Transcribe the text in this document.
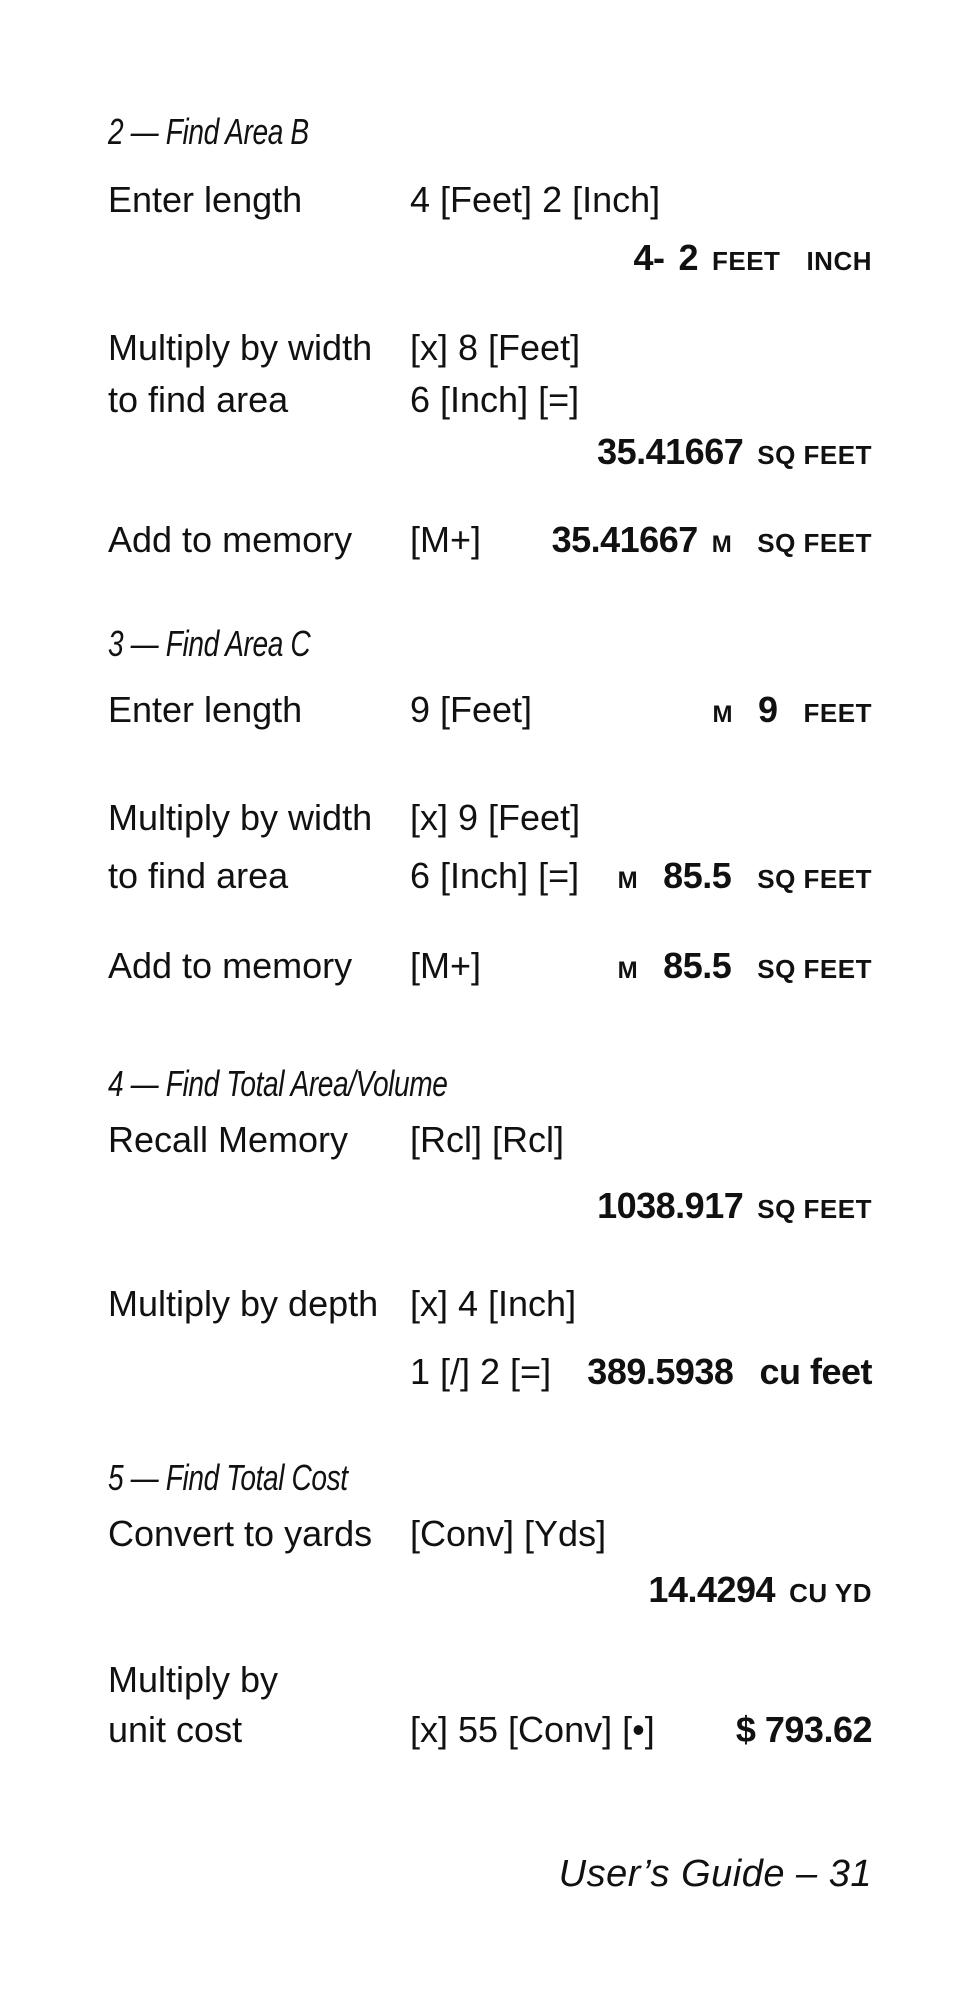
2 — Find Area B
Enter length	4 [Feet] 2 [Inch]
4- 2 FEET INCH
Multiply by width [x] 8 [Feet]
to find area	6 [Inch] [=]
35.41667 SQ FEET
Add to memory [M+] 35.41667 M SQ FEET
3 — Find Area C
Enter length	9 [Feet]	M 9 FEET
Multiply by width [x] 9 [Feet]
to find area	6 [Inch] [=] M 85.5 SQ FEET
Add to memory [M+]	M 85.5 SQ FEET
4 — Find Total Area/Volume
Recall Memory [Rcl] [Rcl]
1038.917 SQ FEET
Multiply by depth [x] 4 [Inch]
1 [/] 2 [=] 389.5938 cu feet
5 — Find Total Cost
Convert to yards [Conv] [Yds]
14.4294 CU YD
Multiply by
unit cost	[x] 55 [Conv] [•] $ 793.62
User’s Guide – 31
